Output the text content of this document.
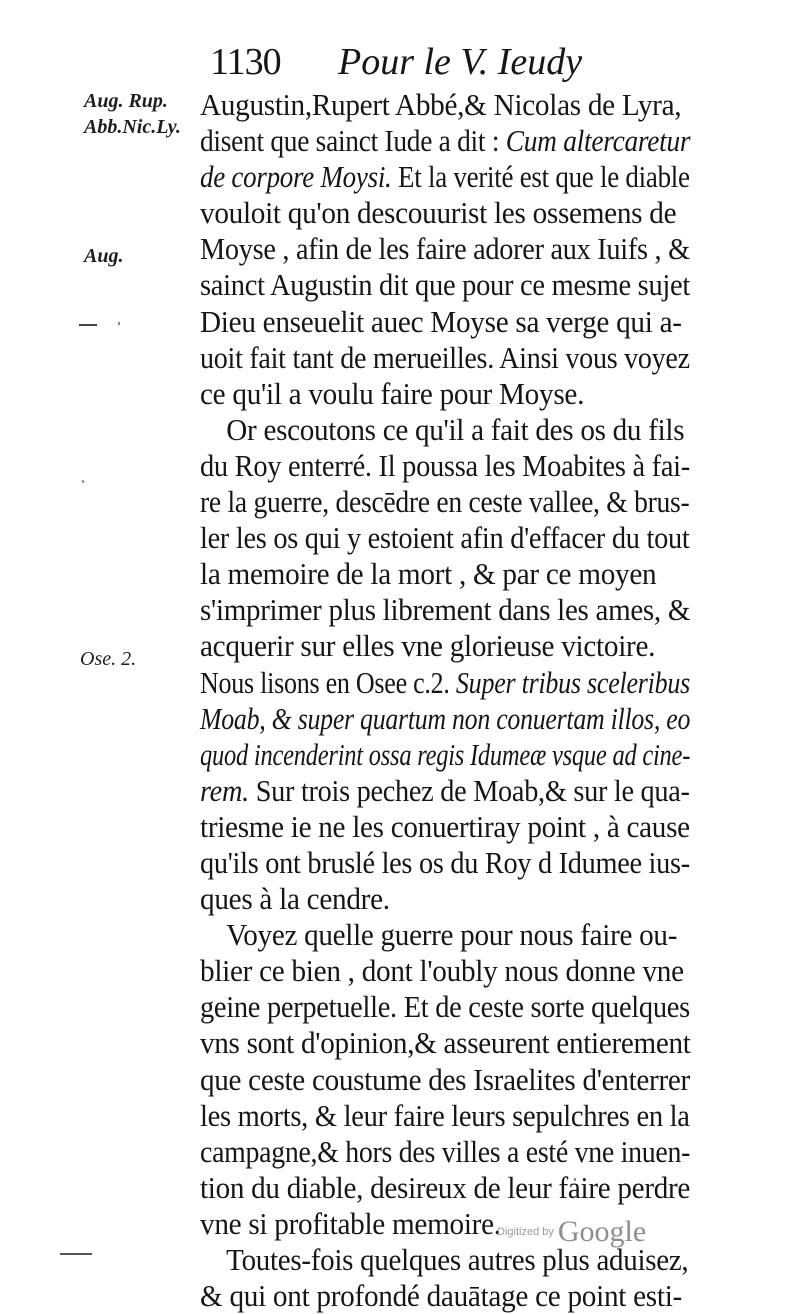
1130 Pour le V. Ieudy
Aug. Rup.
Abb.Nic.Ly.
Aug.
Ose. 2.
Augustin,Rupert Abbé,& Nicolas de Lyra,
disent que sainct Iude a dit : Cum altercaretur
de corpore Moysi. Et la verité est que le diable
vouloit qu'on descouurist les ossemens de
Moyse , afin de les faire adorer aux Iuifs , &
sainct Augustin dit que pour ce mesme sujet
Dieu enseuelit auec Moyse sa verge qui a-
uoit fait tant de merueilles. Ainsi vous voyez
ce qu'il a voulu faire pour Moyse.
Or escoutons ce qu'il a fait des os du fils
du Roy enterré. Il poussa les Moabites à fai-
re la guerre, descēdre en ceste vallee, & brus-
ler les os qui y estoient afin d'effacer du tout
la memoire de la mort , & par ce moyen
s'imprimer plus librement dans les ames, &
acquerir sur elles vne glorieuse victoire.
Nous lisons en Osee c.2. Super tribus sceleribus
Moab, & super quartum non conuertam illos, eo
quod incenderint ossa regis Idumeæ vsque ad cine-
rem. Sur trois pechez de Moab,& sur le qua-
triesme ie ne les conuertiray point , à cause
qu'ils ont bruslé les os du Roy d Idumee ius-
ques à la cendre.
Voyez quelle guerre pour nous faire ou-
blier ce bien , dont l'oubly nous donne vne
geine perpetuelle. Et de ceste sorte quelques
vns sont d'opinion,& asseurent entierement
que ceste coustume des Israelites d'enterrer
les morts, & leur faire leurs sepulchres en la
campagne,& hors des villes a esté vne inuen-
tion du diable, desireux de leur faire perdre
vne si profitable memoire.
Toutes-fois quelques autres plus aduisez,
& qui ont profondé dauātage ce point esti-
Digitized by Google
